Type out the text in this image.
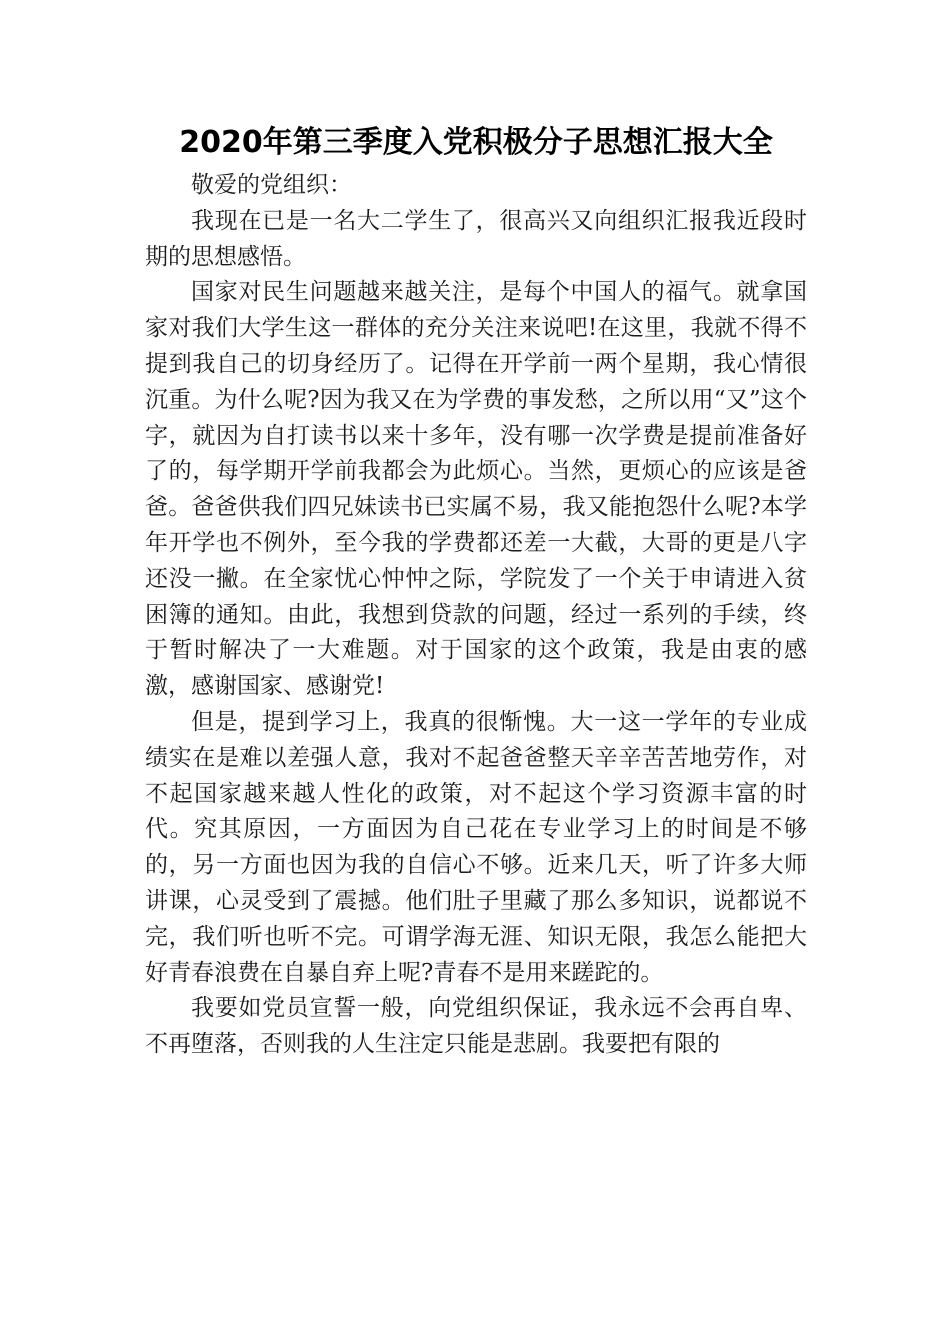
2020年第三季度入党积极分子思想汇报大全

敬爱的党组织：

我现在已是一名大二学生了，很高兴又向组织汇报我近段时期的思想感悟。

国家对民生问题越来越关注，是每个中国人的福气。就拿国家对我们大学生这一群体的充分关注来说吧!在这里，我就不得不提到我自己的切身经历了。记得在开学前一两个星期，我心情很沉重。为什么呢?因为我又在为学费的事发愁，之所以用“又”这个字，就因为自打读书以来十多年，没有哪一次学费是提前准备好了的，每学期开学前我都会为此烦心。当然，更烦心的应该是爸爸。爸爸供我们四兄妹读书已实属不易，我又能抱怨什么呢?本学年开学也不例外，至今我的学费都还差一大截，大哥的更是八字还没一撇。在全家忧心忡忡之际，学院发了一个关于申请进入贫困簿的通知。由此，我想到贷款的问题，经过一系列的手续，终于暂时解决了一大难题。对于国家的这个政策，我是由衷的感激，感谢国家、感谢党!

但是，提到学习上，我真的很惭愧。大一这一学年的专业成绩实在是难以差强人意，我对不起爸爸整天辛辛苦苦地劳作，对不起国家越来越人性化的政策，对不起这个学习资源丰富的时代。究其原因，一方面因为自己花在专业学习上的时间是不够的，另一方面也因为我的自信心不够。近来几天，听了许多大师讲课，心灵受到了震撼。他们肚子里藏了那么多知识，说都说不完，我们听也听不完。可谓学海无涯、知识无限，我怎么能把大好青春浪费在自暴自弃上呢?青春不是用来蹉跎的。

我要如党员宣誓一般，向党组织保证，我永远不会再自卑、不再堕落，否则我的人生注定只能是悲剧。我要把有限的
